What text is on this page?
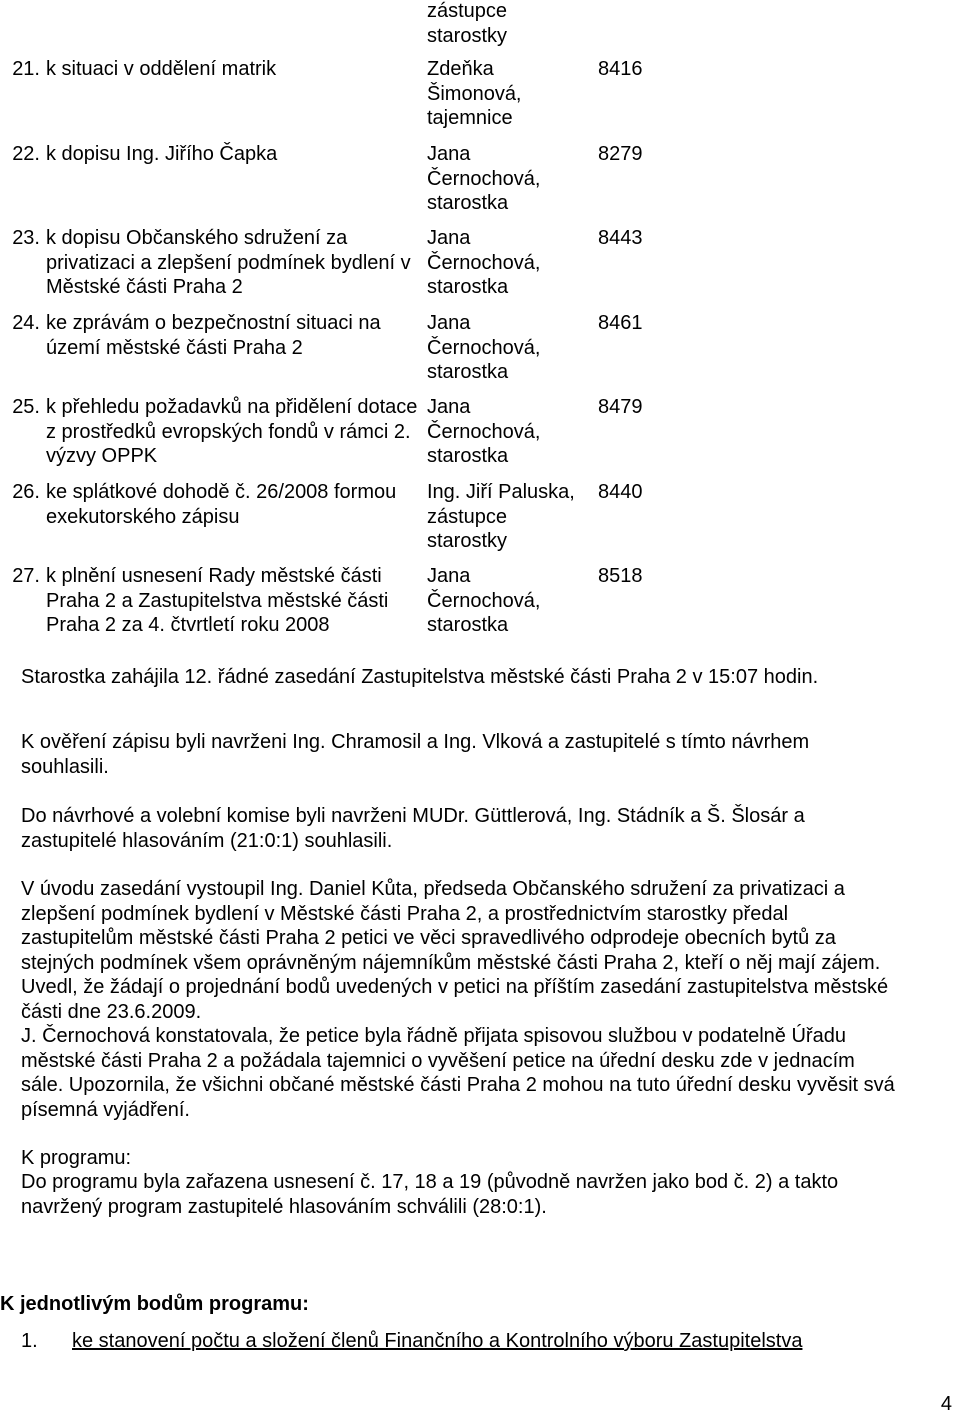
zástupce
starostky
21. k situaci v oddělení matrik	Zdeňka
Šimonová,
tajemnice
8416
22. k dopisu Ing. Jiřího Čapka	Jana
Černochová,
starostka
8279
23. k dopisu Občanského sdružení za privatizaci a zlepšení podmínek bydlení v Městské části Praha 2
Jana
Černochová,
starostka
8443
24. ke zprávám o bezpečnostní situaci na území městské části Praha 2
Jana
Černochová,
starostka
8461
25. k přehledu požadavků na přidělení dotace z prostředků evropských fondů v rámci 2. výzvy OPPK
Jana
Černochová,
starostka
8479
26. ke splátkové dohodě č. 26/2008 formou exekutorského zápisu
Ing. Jiří Paluska,
zástupce
starostky
8440
27. k plnění usnesení Rady městské části Praha 2 a Zastupitelstva městské části Praha 2 za 4. čtvrtletí roku 2008
Jana
Černochová,
starostka
8518
Starostka zahájila 12. řádné zasedání Zastupitelstva městské části Praha 2 v 15:07 hodin.
K ověření zápisu byli navrženi Ing. Chramosil a Ing. Vlková a zastupitelé s tímto návrhem souhlasili.
Do návrhové a volební komise byli navrženi MUDr. Güttlerová, Ing. Stádník a Š. Šlosár a zastupitelé hlasováním (21:0:1) souhlasili.
V úvodu zasedání vystoupil Ing. Daniel Kůta, předseda Občanského sdružení za privatizaci a zlepšení podmínek bydlení v Městské části Praha 2, a prostřednictvím starostky předal zastupitelům městské části Praha 2 petici ve věci spravedlivého odprodeje obecních bytů za stejných podmínek všem oprávněným nájemníkům městské části Praha 2, kteří o něj mají zájem. Uvedl, že žádají o projednání bodů uvedených v petici na příštím zasedání zastupitelstva městské části dne 23.6.2009.
J. Černochová konstatovala, že petice byla řádně přijata spisovou službou v podatelně Úřadu městské části Praha 2 a požádala tajemnici o vyvěšení petice na úřední desku zde v jednacím sále. Upozornila, že všichni občané městské části Praha 2 mohou na tuto úřední desku vyvěsit svá písemná vyjádření.
K programu:
Do programu byla zařazena usnesení č. 17, 18 a 19 (původně navržen jako bod č. 2) a takto navržený program zastupitelé hlasováním schválili (28:0:1).
K jednotlivým bodům programu:
1. ke stanovení počtu a složení členů Finančního a Kontrolního výboru Zastupitelstva
4
